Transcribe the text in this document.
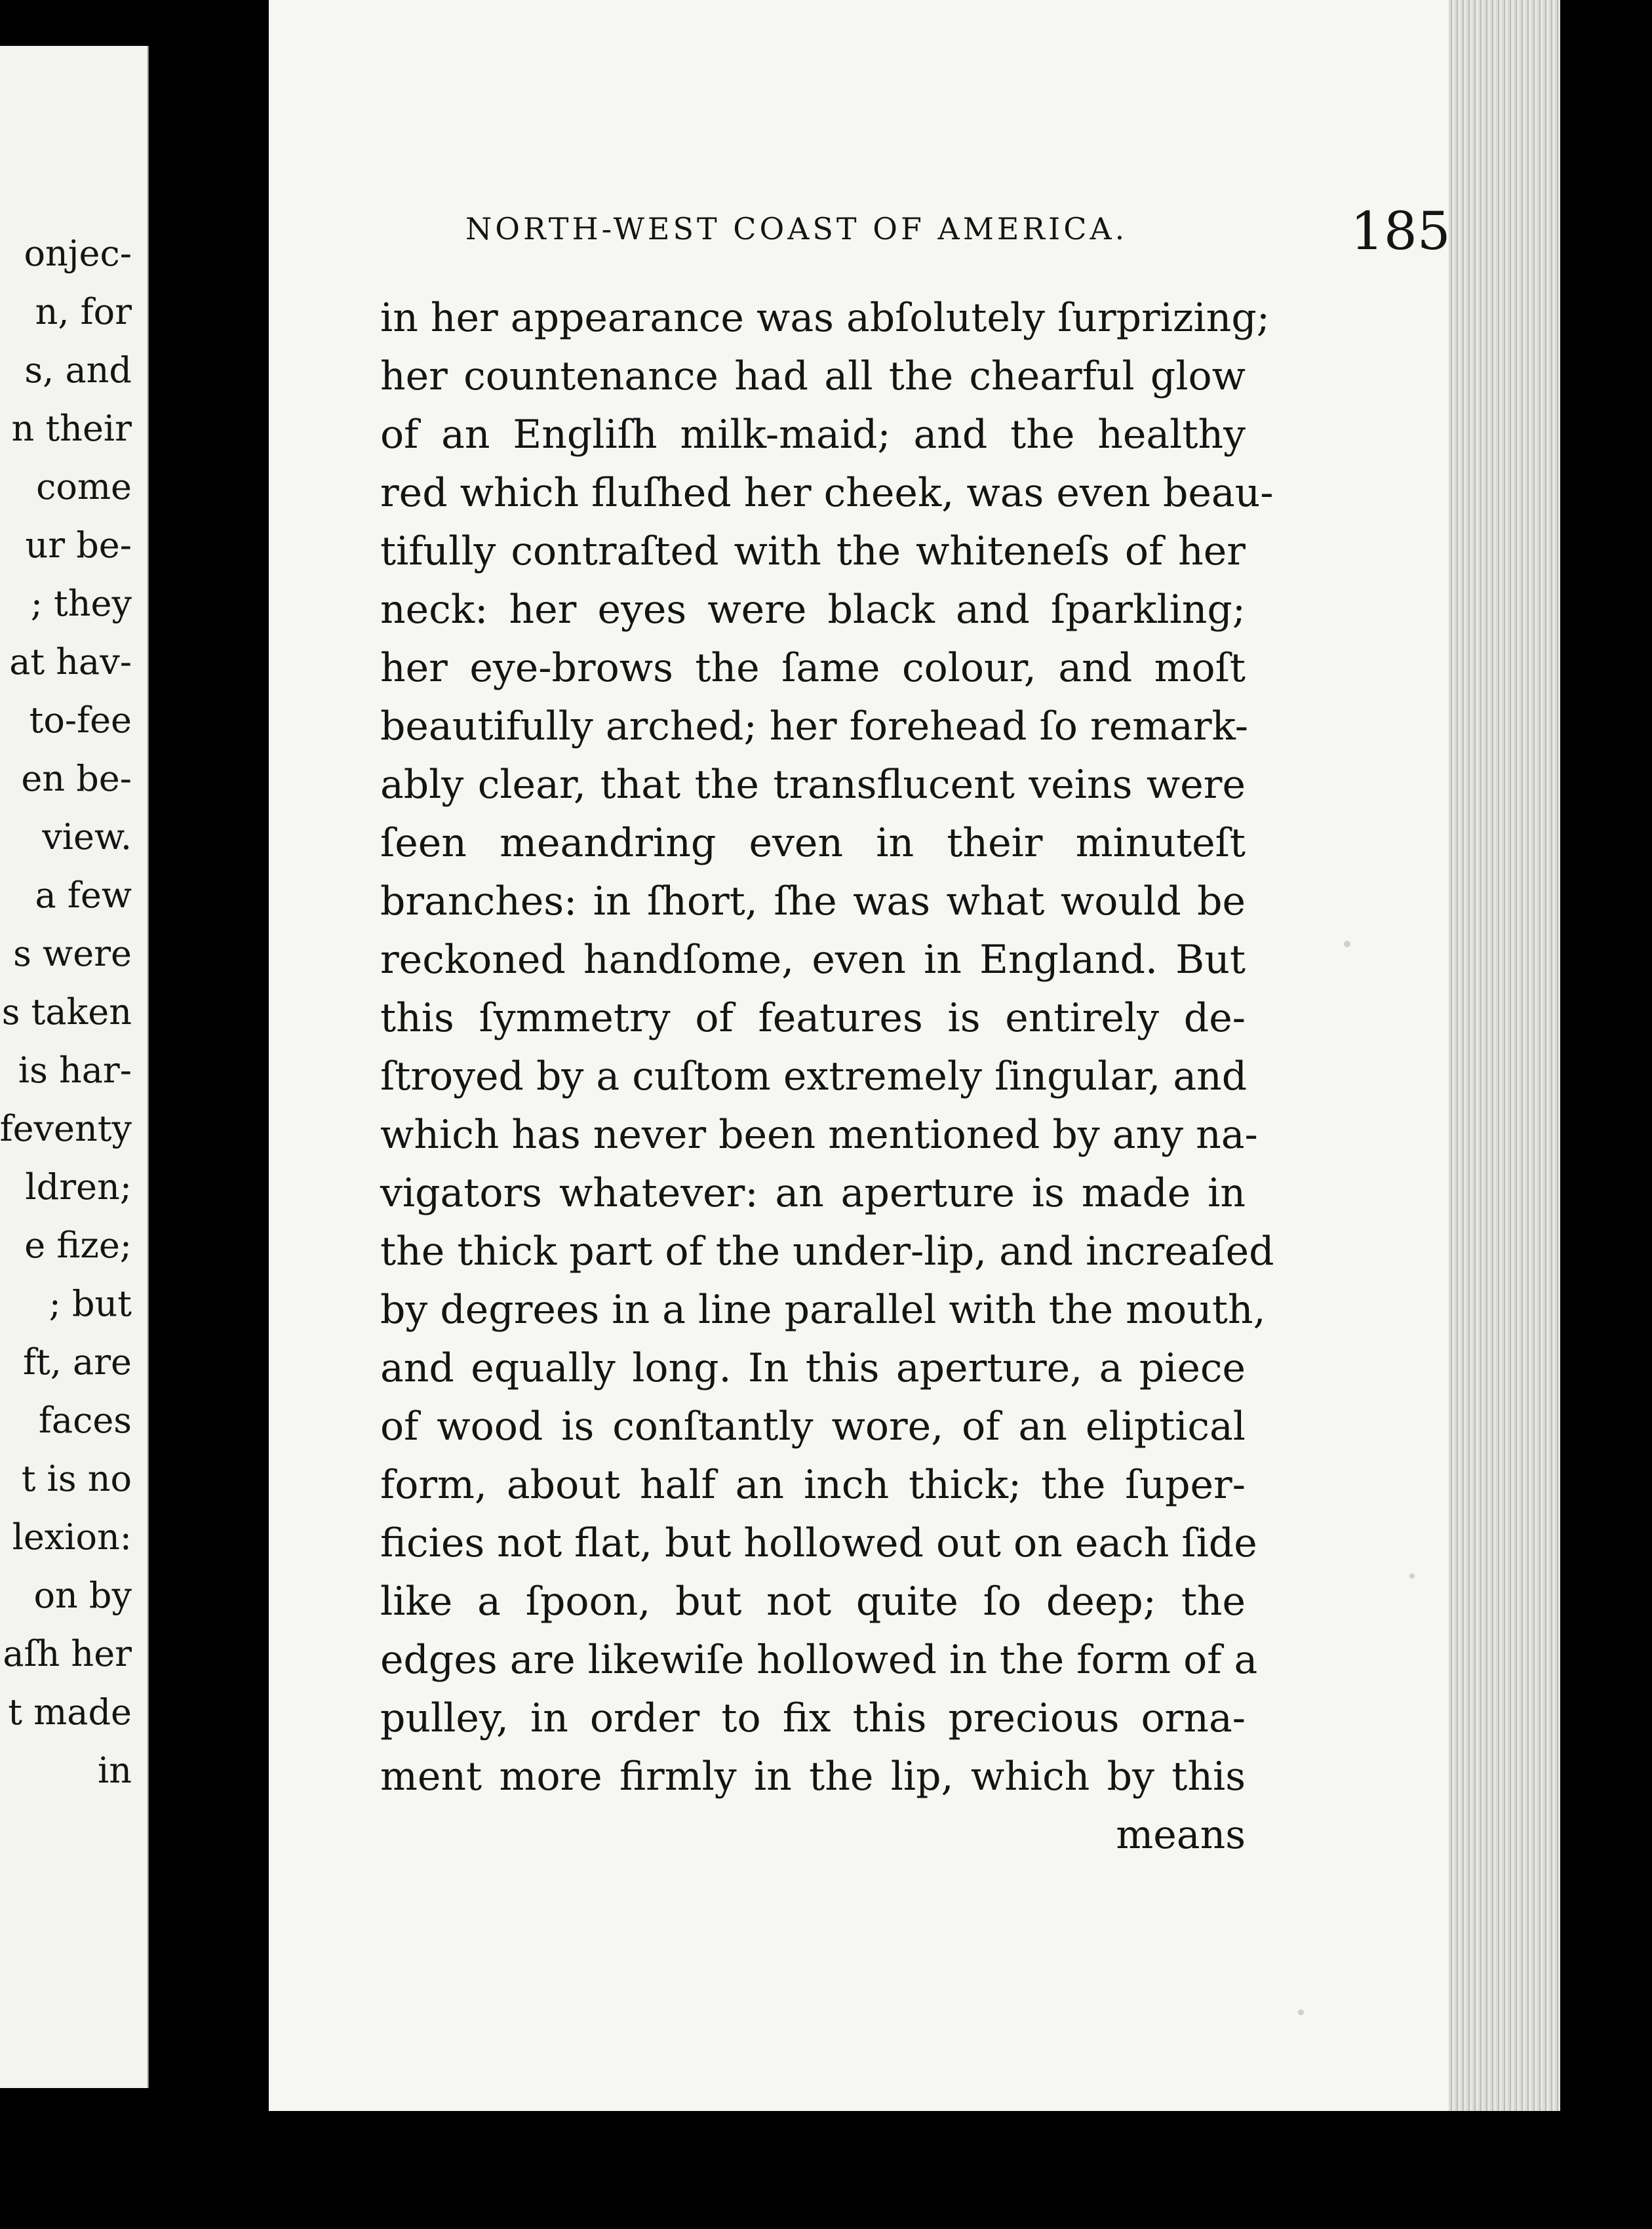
onjec-
n, for
s, and
n their
come
ur be-
; they
at hav-
to-fee
en be-
view.
a few
s were
s taken
is har-
feventy
ldren;
e fize;
; but
ft, are
faces
t is no
lexion:
on by
aſh her
t made
in
NORTH-WEST COAST OF AMERICA.	185
in her appearance was abſolutely ſurprizing;
her countenance had all the chearful glow
of an Engliſh milk-maid; and the healthy
red which fluſhed her cheek, was even beau-
tifully contraſted with the whiteneſs of her
neck: her eyes were black and ſparkling;
her eye-brows the ſame colour, and moſt
beautifully arched; her forehead ſo remark-
ably clear, that the transflucent veins were
ſeen meandring even in their minuteſt
branches: in ſhort, ſhe was what would be
reckoned handſome, even in England. But
this ſymmetry of features is entirely de-
ſtroyed by a cuſtom extremely ſingular, and
which has never been mentioned by any na-
vigators whatever: an aperture is made in
the thick part of the under-lip, and increaſed
by degrees in a line parallel with the mouth,
and equally long. In this aperture, a piece
of wood is conſtantly wore, of an eliptical
form, about half an inch thick; the ſuper-
ficies not flat, but hollowed out on each ſide
like a ſpoon, but not quite ſo deep; the
edges are likewiſe hollowed in the form of a
pulley, in order to fix this precious orna-
ment more firmly in the lip, which by this
means
